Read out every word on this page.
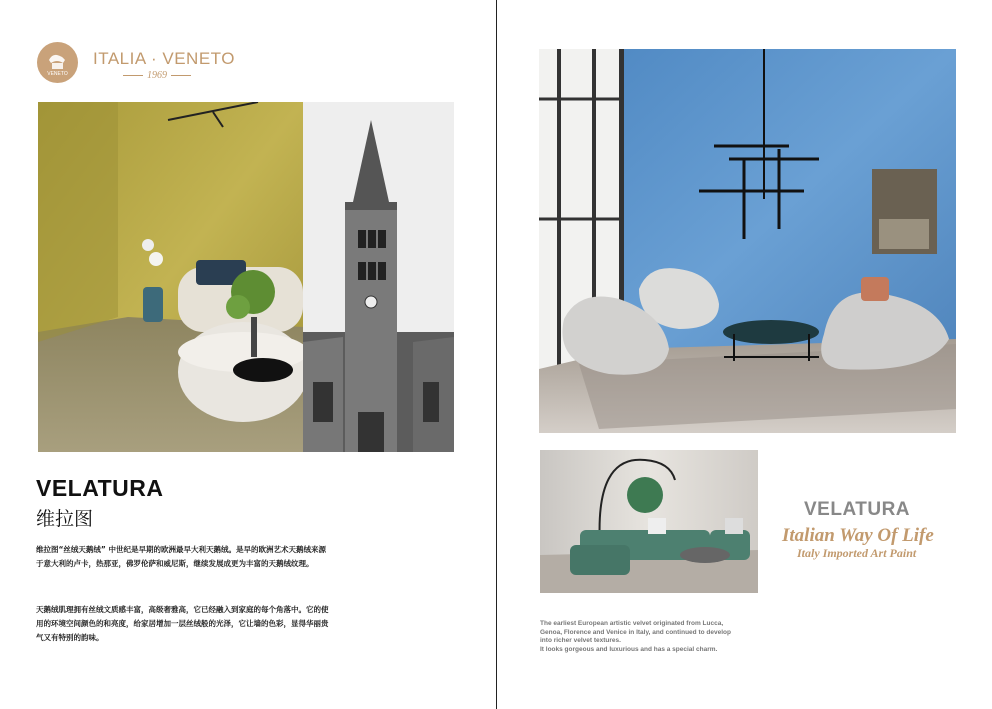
VENETO
ITALIA · VENETO
1969
VELATURA
维拉图
维拉图“丝绒天鹅绒” 中世纪是早期的欧洲最早大利天鹅绒。是早的欧洲艺术天鹅绒来源于意大利的卢卡，热那亚，佛罗伦萨和威尼斯，继续发展成更为丰富的天鹅绒纹理。
天鹅绒肌理拥有丝绒文质感丰富，高级奢雅高，它已经融入到家庭的每个角落中。它的使用的环境空间颜色的和亮度，给家居增加一层丝绒般的光泽，它让墙的色彩，显得华丽贵气又有特别的韵味。
VELATURA
Italian Way Of Life
Italy Imported Art Paint
The earliest European artistic velvet originated from Lucca,
Genoa, Florence and Venice in Italy, and continued to develop
into richer velvet textures.
It looks gorgeous and luxurious and has a special charm.
